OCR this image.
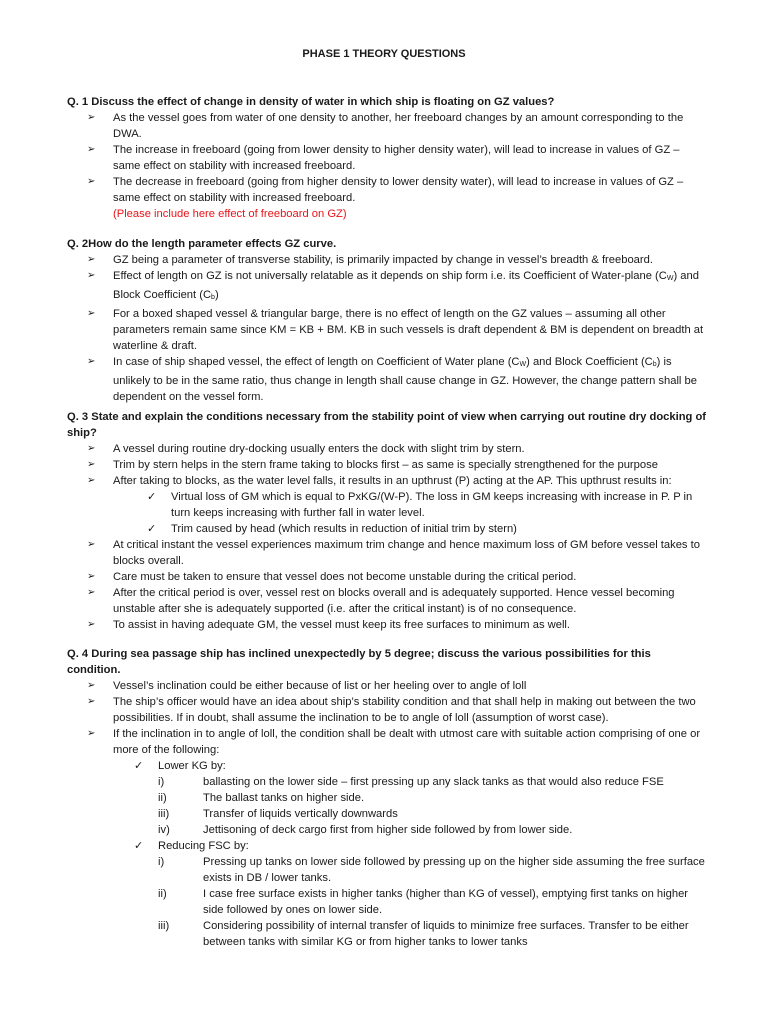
PHASE 1 THEORY QUESTIONS
Q. 1 Discuss the effect of change in density of water in which ship is floating on GZ values?
➢ As the vessel goes from water of one density to another, her freeboard changes by an amount corresponding to the DWA.
➢ The increase in freeboard (going from lower density to higher density water), will lead to increase in values of GZ – same effect on stability with increased freeboard.
➢ The decrease in freeboard (going from higher density to lower density water), will lead to increase in values of GZ – same effect on stability with increased freeboard.
(Please include here effect of freeboard on GZ)
Q. 2How do the length parameter effects GZ curve.
➢ GZ being a parameter of transverse stability, is primarily impacted by change in vessel’s breadth & freeboard.
➢ Effect of length on GZ is not universally relatable as it depends on ship form i.e. its Coefficient of Water-plane $(C_W)$ and Block Coefficient $(C_b)$
➢ For a boxed shaped vessel & triangular barge, there is no effect of length on the GZ values – assuming all other parameters remain same since KM = KB + BM. KB in such vessels is draft dependent & BM is dependent on breadth at waterline & draft.
➢ In case of ship shaped vessel, the effect of length on Coefficient of Water plane $(C_W)$ and Block Coefficient $(C_b)$ is unlikely to be in the same ratio, thus change in length shall cause change in GZ. However, the change pattern shall be dependent on the vessel form.
Q. 3 State and explain the conditions necessary from the stability point of view when carrying out routine dry docking of ship?
➢ A vessel during routine dry-docking usually enters the dock with slight trim by stern.
➢ Trim by stern helps in the stern frame taking to blocks first – as same is specially strengthened for the purpose
➢ After taking to blocks, as the water level falls, it results in an upthrust (P) acting at the AP. This upthrust results in:
✓ Virtual loss of GM which is equal to PxKG/(W-P). The loss in GM keeps increasing with increase in P. P in turn keeps increasing with further fall in water level.
✓ Trim caused by head (which results in reduction of initial trim by stern)
➢ At critical instant the vessel experiences maximum trim change and hence maximum loss of GM before vessel takes to blocks overall.
➢ Care must be taken to ensure that vessel does not become unstable during the critical period.
➢ After the critical period is over, vessel rest on blocks overall and is adequately supported. Hence vessel becoming unstable after she is adequately supported (i.e. after the critical instant) is of no consequence.
➢ To assist in having adequate GM, the vessel must keep its free surfaces to minimum as well.
Q. 4 During sea passage ship has inclined unexpectedly by 5 degree; discuss the various possibilities for this condition.
➢ Vessel’s inclination could be either because of list or her heeling over to angle of loll
➢ The ship’s officer would have an idea about ship’s stability condition and that shall help in making out between the two possibilities. If in doubt, shall assume the inclination to be to angle of loll (assumption of worst case).
➢ If the inclination in to angle of loll, the condition shall be dealt with utmost care with suitable action comprising of one or more of the following:
✓ Lower KG by:
i)	ballasting on the lower side – first pressing up any slack tanks as that would also reduce FSE
ii)	The ballast tanks on higher side.
iii)	Transfer of liquids vertically downwards
iv)	Jettisoning of deck cargo first from higher side followed by from lower side.
✓ Reducing FSC by:
i)	Pressing up tanks on lower side followed by pressing up on the higher side assuming the free surface exists in DB / lower tanks.
ii)	I case free surface exists in higher tanks (higher than KG of vessel), emptying first tanks on higher side followed by ones on lower side.
iii)	Considering possibility of internal transfer of liquids to minimize free surfaces. Transfer to be either between tanks with similar KG or from higher tanks to lower tanks
